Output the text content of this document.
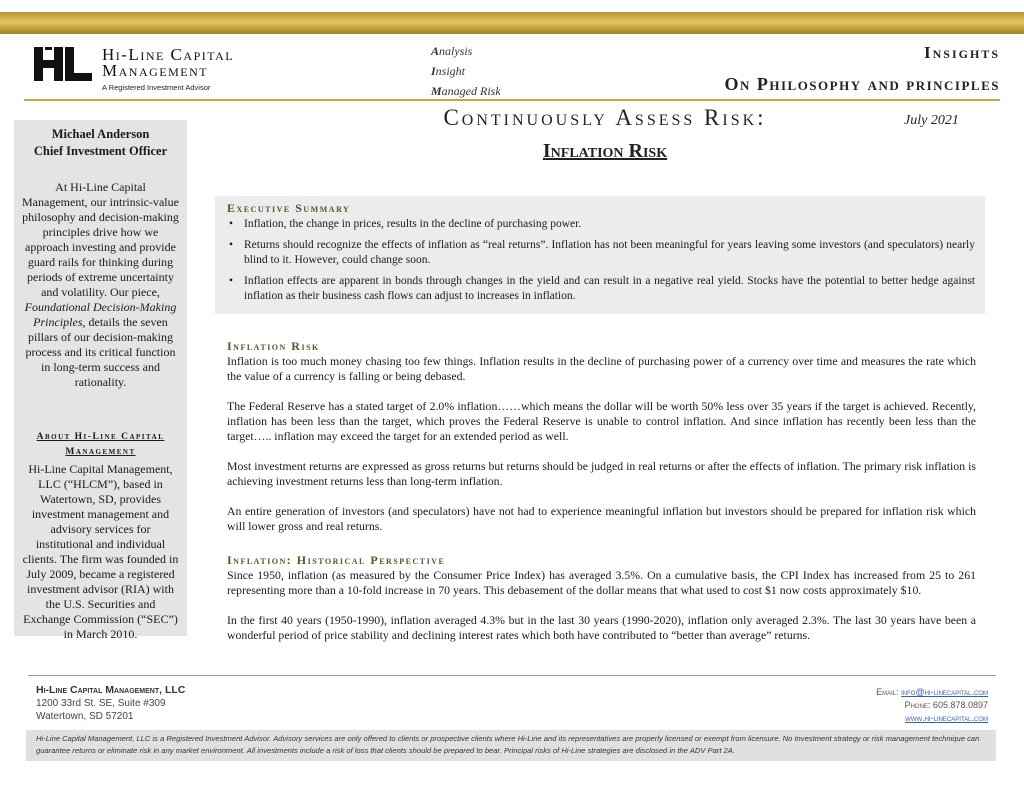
Hi-Line Capital
Management
A Registered Investment Advisor
Analysis
Insight
Managed Risk
Insights
On Philosophy and principles
Continuously Assess Risk:
Inflation Risk
July 2021
Michael Anderson
Chief Investment Officer
At Hi-Line Capital Management, our intrinsic-value philosophy and decision-making principles drive how we approach investing and provide guard rails for thinking during periods of extreme uncertainty and volatility. Our piece, Foundational Decision-Making Principles, details the seven pillars of our decision-making process and its critical function in long-term success and rationality.
About Hi-Line Capital Management
Hi-Line Capital Management, LLC (“HLCM”), based in Watertown, SD, provides investment management and advisory services for institutional and individual clients. The firm was founded in July 2009, became a registered investment advisor (RIA) with the U.S. Securities and Exchange Commission (“SEC”) in March 2010.
Executive Summary
• Inflation, the change in prices, results in the decline of purchasing power.
• Returns should recognize the effects of inflation as “real returns”. Inflation has not been meaningful for years leaving some investors (and speculators) nearly blind to it. However, could change soon.
• Inflation effects are apparent in bonds through changes in the yield and can result in a negative real yield. Stocks have the potential to better hedge against inflation as their business cash flows can adjust to increases in inflation.
Inflation Risk

Inflation is too much money chasing too few things. Inflation results in the decline of purchasing power of a currency over time and measures the rate which the value of a currency is falling or being debased.

The Federal Reserve has a stated target of 2.0% inflation……which means the dollar will be worth 50% less over 35 years if the target is achieved. Recently, inflation has been less than the target, which proves the Federal Reserve is unable to control inflation. And since inflation has recently been less than the target….. inflation may exceed the target for an extended period as well.

Most investment returns are expressed as gross returns but returns should be judged in real returns or after the effects of inflation. The primary risk inflation is achieving investment returns less than long-term inflation.

An entire generation of investors (and speculators) have not had to experience meaningful inflation but investors should be prepared for inflation risk which will lower gross and real returns.

Inflation: Historical Perspective

Since 1950, inflation (as measured by the Consumer Price Index) has averaged 3.5%. On a cumulative basis, the CPI Index has increased from 25 to 261 representing more than a 10-fold increase in 70 years. This debasement of the dollar means that what used to cost $1 now costs approximately $10.

In the first 40 years (1950-1990), inflation averaged 4.3% but in the last 30 years (1990-2020), inflation only averaged 2.3%. The last 30 years have been a wonderful period of price stability and declining interest rates which both have contributed to “better than average” returns.

Hi-Line Capital Management, LLC
1200 33rd St. SE, Suite #309
Watertown, SD 57201
Email: info@hi-linecapital.com
Phone: 605.878.0897
www.hi-linecapital.com
Hi-Line Capital Management, LLC is a Registered Investment Advisor. Advisory services are only offered to clients or prospective clients where Hi-Line and its representatives are properly licensed or exempt from licensure. No Investment strategy or risk management technique can guarantee returns or eliminate risk in any market environment. All investments include a risk of loss that clients should be prepared to bear. Principal risks of Hi-Line strategies are disclosed in the ADV Part 2A.
